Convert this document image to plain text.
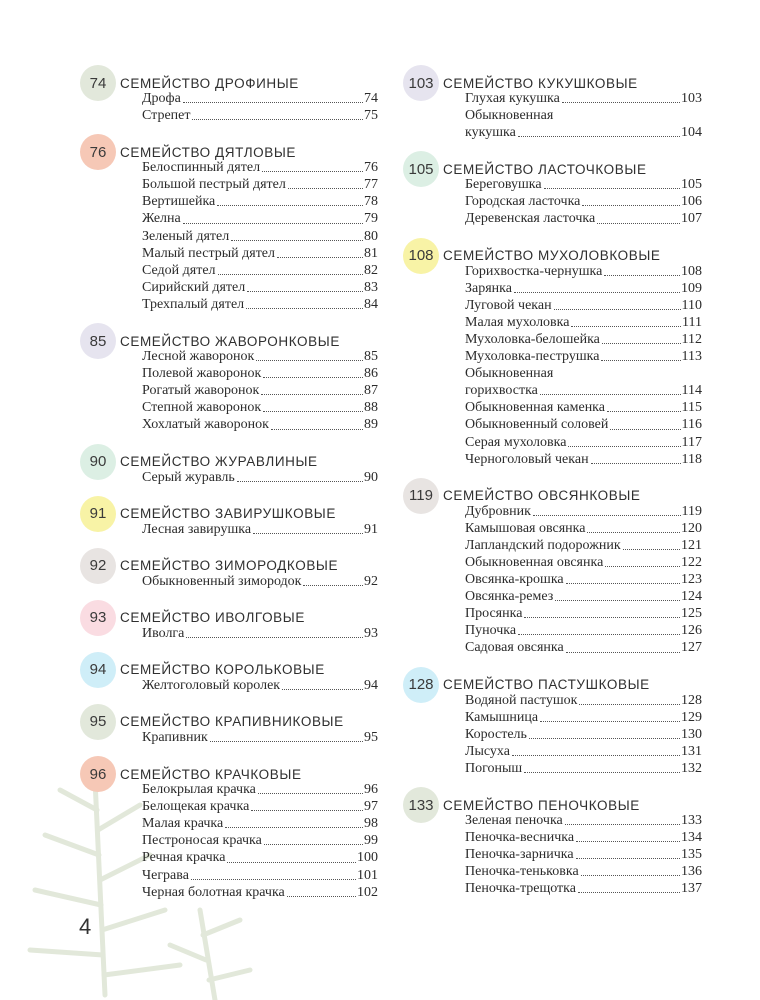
74	СЕМЕЙСТВО ДРОФИНЫЕ
Дрофа	74
Стрепет	75
76	СЕМЕЙСТВО ДЯТЛОВЫЕ
Белоспинный дятел	76
Большой пестрый дятел	77
Вертишейка	78
Желна	79
Зеленый дятел	80
Малый пестрый дятел	81
Седой дятел	82
Сирийский дятел	83
Трехпалый дятел	84
85	СЕМЕЙСТВО ЖАВОРОНКОВЫЕ
Лесной жаворонок	85
Полевой жаворонок	86
Рогатый жаворонок	87
Степной жаворонок	88
Хохлатый жаворонок	89
90	СЕМЕЙСТВО ЖУРАВЛИНЫЕ
Серый журавль	90
91	СЕМЕЙСТВО ЗАВИРУШКОВЫЕ
Лесная завирушка	91
92	СЕМЕЙСТВО ЗИМОРОДКОВЫЕ
Обыкновенный зимородок	92
93	СЕМЕЙСТВО ИВОЛГОВЫЕ
Иволга	93
94	СЕМЕЙСТВО КОРОЛЬКОВЫЕ
Желтоголовый королек	94
95	СЕМЕЙСТВО КРАПИВНИКОВЫЕ
Крапивник	95
96	СЕМЕЙСТВО КРАЧКОВЫЕ
Белокрылая крачка	96
Белощекая крачка	97
Малая крачка	98
Пестроносая крачка	99
Речная крачка	100
Чеграва	101
Черная болотная крачка	102
103 СЕМЕЙСТВО КУКУШКОВЫЕ
Глухая кукушка	103
Обыкновенная
кукушка	104
105 СЕМЕЙСТВО ЛАСТОЧКОВЫЕ
Береговушка	105
Городская ласточка	106
Деревенская ласточка	107
108 СЕМЕЙСТВО МУХОЛОВКОВЫЕ
Горихвостка-чернушка	108
Зарянка	109
Луговой чекан	110
Малая мухоловка	111
Мухоловка-белошейка	112
Мухоловка-пеструшка	113
Обыкновенная
горихвостка	114
Обыкновенная каменка	115
Обыкновенный соловей	116
Серая мухоловка	117
Черноголовый чекан	118
119 СЕМЕЙСТВО ОВСЯНКОВЫЕ
Дубровник	119
Камышовая овсянка	120
Лапландский подорожник	121
Обыкновенная овсянка	122
Овсянка-крошка	123
Овсянка-ремез	124
Просянка	125
Пуночка	126
Садовая овсянка	127
128 СЕМЕЙСТВО ПАСТУШКОВЫЕ
Водяной пастушок	128
Камышница	129
Коростель	130
Лысуха	131
Погоныш	132
133 СЕМЕЙСТВО ПЕНОЧКОВЫЕ
Зеленая пеночка	133
Пеночка-весничка	134
Пеночка-зарничка	135
Пеночка-теньковка	136
Пеночка-трещотка	137
4
